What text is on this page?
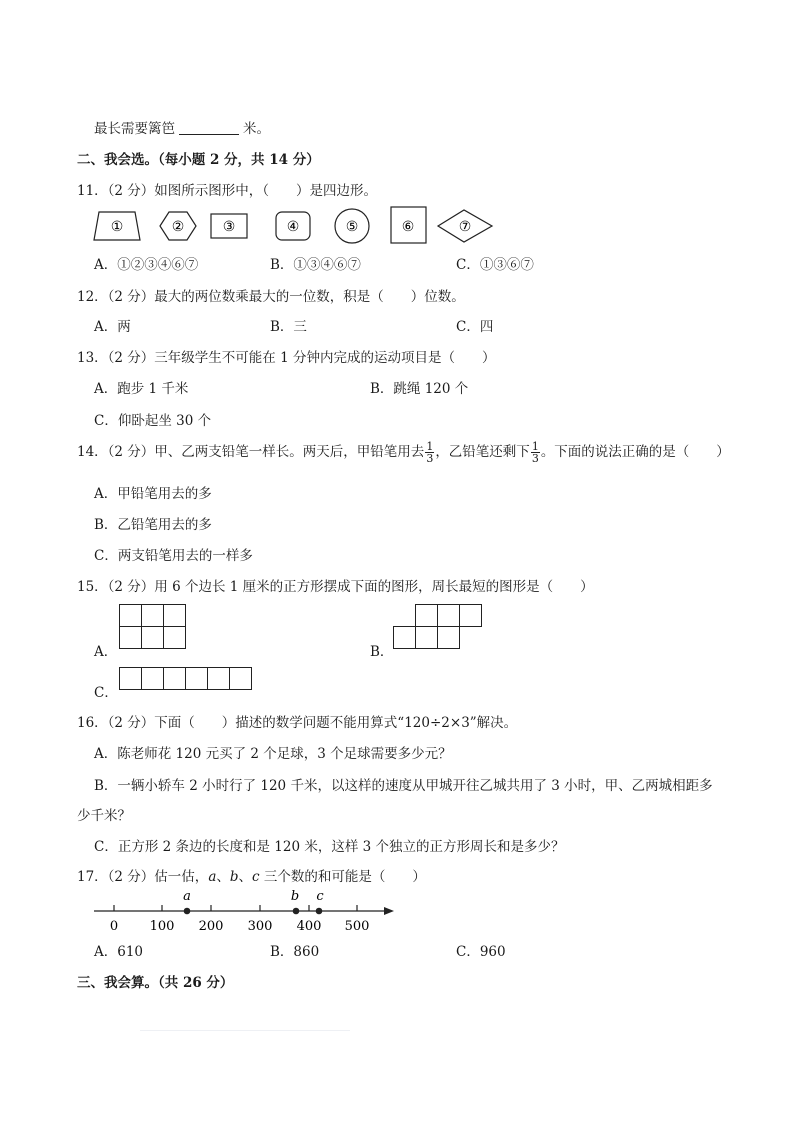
最长需要篱笆	米。
二、我会选。（每小题 2 分，共 14 分）
11．（2 分）如图所示图形中，（　　）是四边形。
①	②	③	④	⑤	⑥	⑦
A．①②③④⑥⑦	B．①③④⑥⑦	C．①③⑥⑦
12．（2 分）最大的两位数乘最大的一位数，积是（　　）位数。
A．两	B．三	C．四
13．（2 分）三年级学生不可能在 1 分钟内完成的运动项目是（　　）
A．跑步 1 千米	B．跳绳 120 个
C．仰卧起坐 30 个
14．（2 分）甲、乙两支铅笔一样长。两天后，甲铅笔用去 $\frac{1}{3}$ ，乙铅笔还剩下 $\frac{1}{3}$ 。下面的说法正确的是（　　）
A．甲铅笔用去的多
B．乙铅笔用去的多
C．两支铅笔用去的一样多
15．（2 分）用 6 个边长 1 厘米的正方形摆成下面的图形，周长最短的图形是（　　）
A．	B．
C．
16．（2 分）下面（　　）描述的数学问题不能用算式“120÷2×3”解决。
A．陈老师花 120 元买了 2 个足球，3 个足球需要多少元？
B．一辆小轿车 2 小时行了 120 千米，以这样的速度从甲城开往乙城共用了 3 小时，甲、乙两城相距多
少千米？
C．正方形 2 条边的长度和是 120 米，这样 3 个独立的正方形周长和是多少？
17．（2 分）估一估，a、b、c 三个数的和可能是（　　）
a	b c
0 100 200 300 400 500
A．610	B．860	C．960
三、我会算。（共 26 分）
